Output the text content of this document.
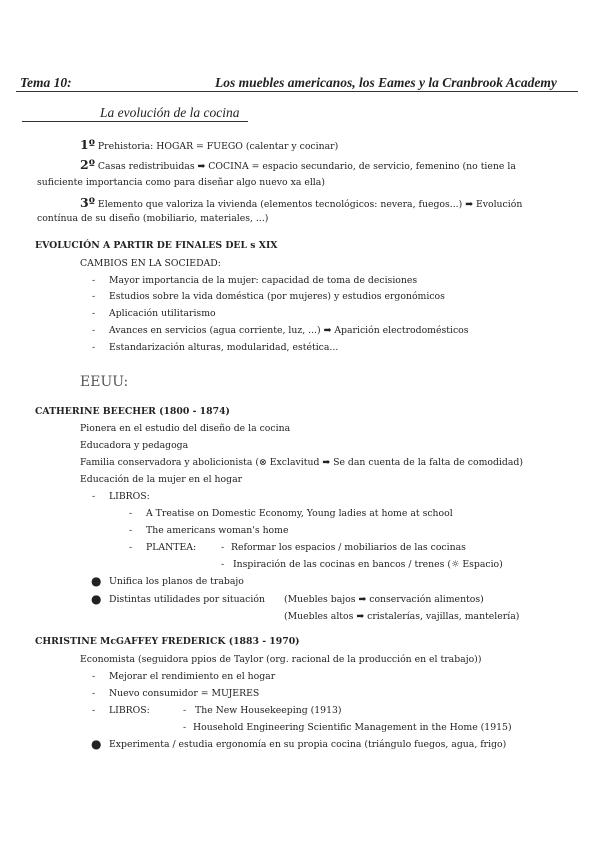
Tema 10:	Los muebles americanos, los Eames y la Cranbrook Academy
La evolución de la cocina
1º Prehistoria: HOGAR = FUEGO (calentar y cocinar)
2º Casas redistribuidas ➡ COCINA = espacio secundario, de servicio, femenino (no tiene la
suficiente importancia como para diseñar algo nuevo xa ella)
3º Elemento que valoriza la vivienda (elementos tecnológicos: nevera, fuegos...) ➡ Evolución
contínua de su diseño (mobiliario, materiales, ...)
EVOLUCIÓN A PARTIR DE FINALES DEL s XIX
CAMBIOS EN LA SOCIEDAD:
- Mayor importancia de la mujer: capacidad de toma de decisiones
- Estudios sobre la vida doméstica (por mujeres) y estudios ergonómicos
- Aplicación utilitarismo
- Avances en servicios (agua corriente, luz, ...) ➡ Aparición electrodomésticos
- Estandarización alturas, modularidad, estética...
EEUU:
CATHERINE BEECHER (1800 - 1874)
Pionera en el estudio del diseño de la cocina
Educadora y pedagoga
Familia conservadora y abolicionista (⊗ Exclavitud ➡ Se dan cuenta de la falta de comodidad)
Educación de la mujer en el hogar
- LIBROS:
- A Treatise on Domestic Economy, Young ladies at home at school
- The americans woman's home
- PLANTEA:	- Reformar los espacios / mobiliarios de las cocinas
- Inspiración de las cocinas en bancos / trenes (☼ Espacio)
● Unifica los planos de trabajo
● Distintas utilidades por situación (Muebles bajos ➡ conservación alimentos)
(Muebles altos ➡ cristalerías, vajillas, mantelería)
CHRISTINE McGAFFEY FREDERICK (1883 - 1970)
Economista (seguidora ppios de Taylor (org. racional de la producción en el trabajo))
- Mejorar el rendimiento en el hogar
- Nuevo consumidor = MUJERES
- LIBROS:	- The New Housekeeping (1913)
- Household Engineering Scientific Management in the Home (1915)
● Experimenta / estudia ergonomía en su propia cocina (triángulo fuegos, agua, frigo)
